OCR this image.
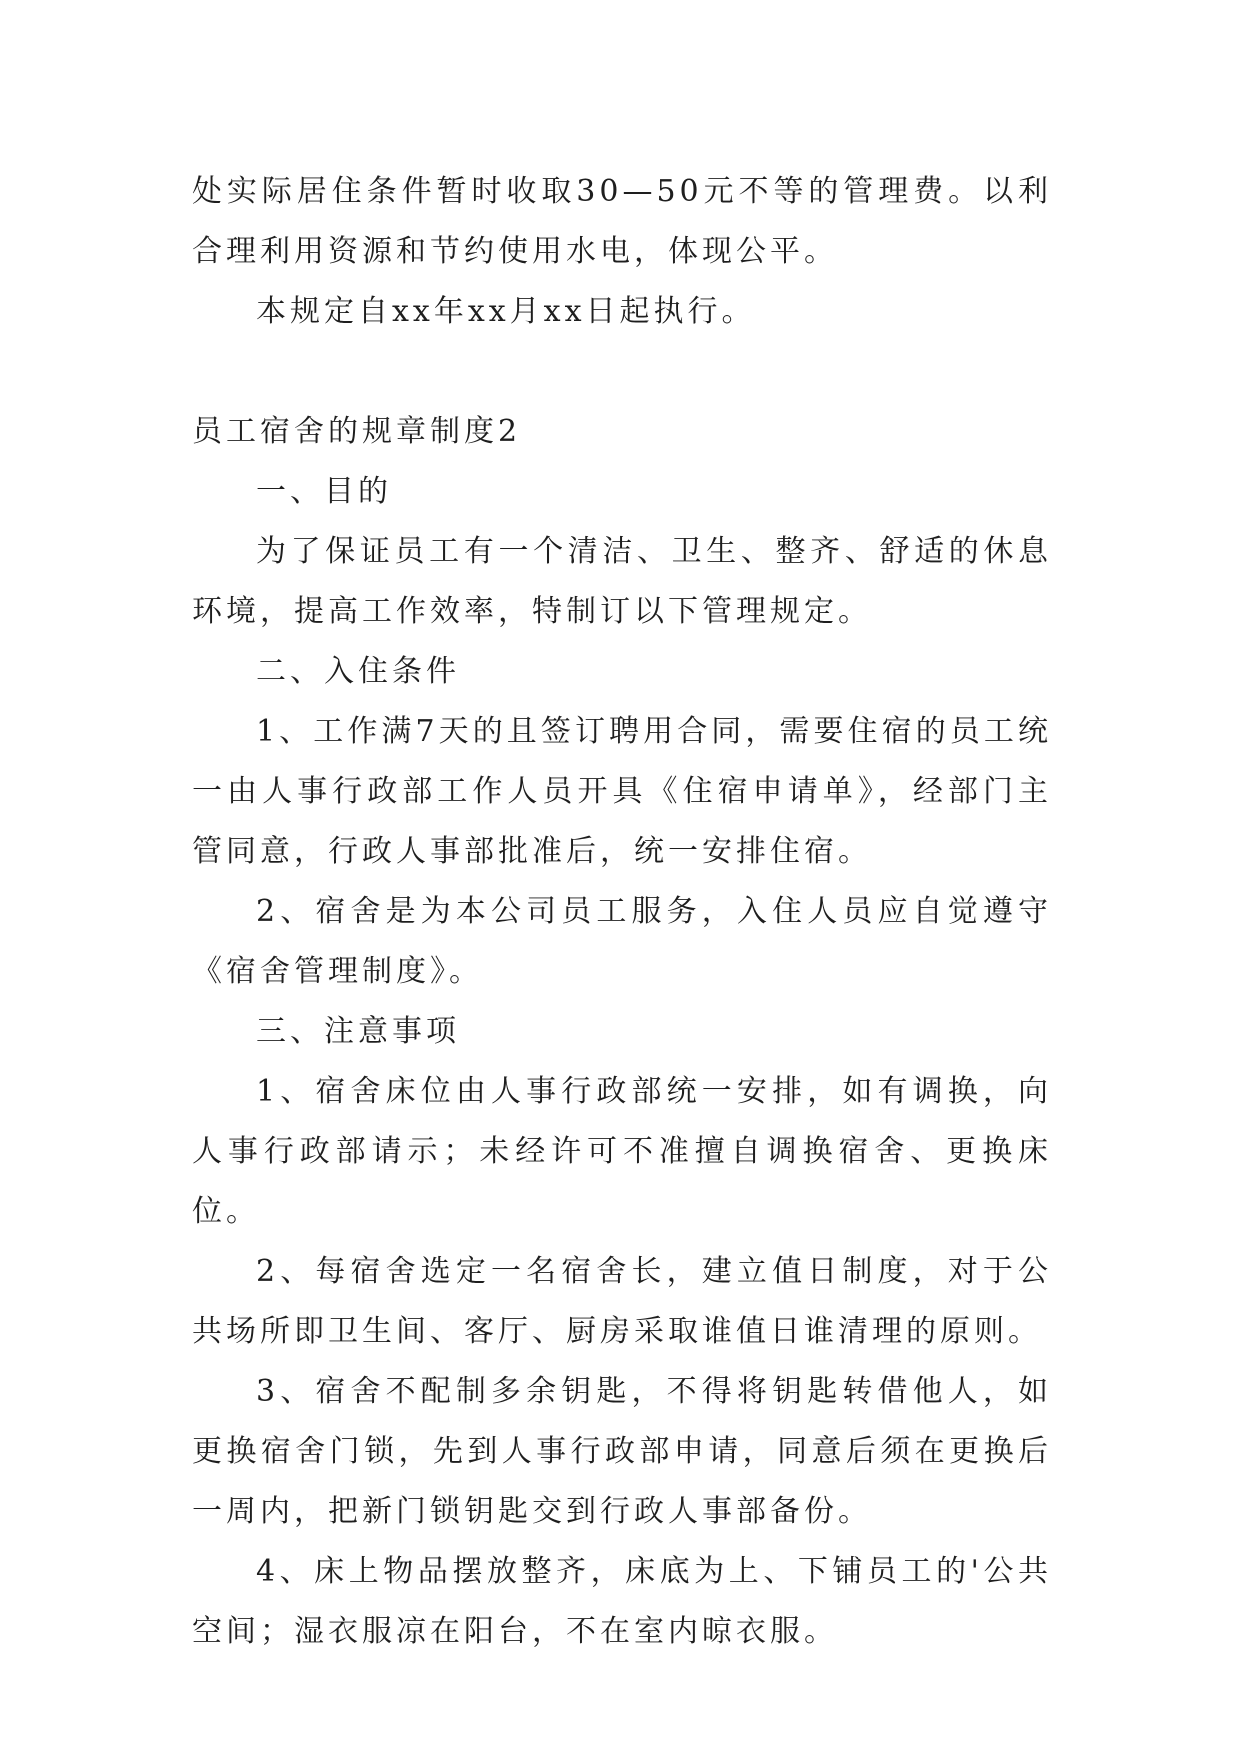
处实际居住条件暂时收取30—50元不等的管理费。以利合理利用资源和节约使用水电，体现公平。

本规定自xx年xx月xx日起执行。

员工宿舍的规章制度2

一、目的

为了保证员工有一个清洁、卫生、整齐、舒适的休息环境，提高工作效率，特制订以下管理规定。

二、入住条件

1、工作满7天的且签订聘用合同，需要住宿的员工统一由人事行政部工作人员开具《住宿申请单》，经部门主管同意，行政人事部批准后，统一安排住宿。

2、宿舍是为本公司员工服务，入住人员应自觉遵守《宿舍管理制度》。

三、注意事项

1、宿舍床位由人事行政部统一安排，如有调换，向人事行政部请示；未经许可不准擅自调换宿舍、更换床位。

2、每宿舍选定一名宿舍长，建立值日制度，对于公共场所即卫生间、客厅、厨房采取谁值日谁清理的原则。

3、宿舍不配制多余钥匙，不得将钥匙转借他人，如更换宿舍门锁，先到人事行政部申请，同意后须在更换后一周内，把新门锁钥匙交到行政人事部备份。

4、床上物品摆放整齐，床底为上、下铺员工的'公共空间；湿衣服凉在阳台，不在室内晾衣服。
